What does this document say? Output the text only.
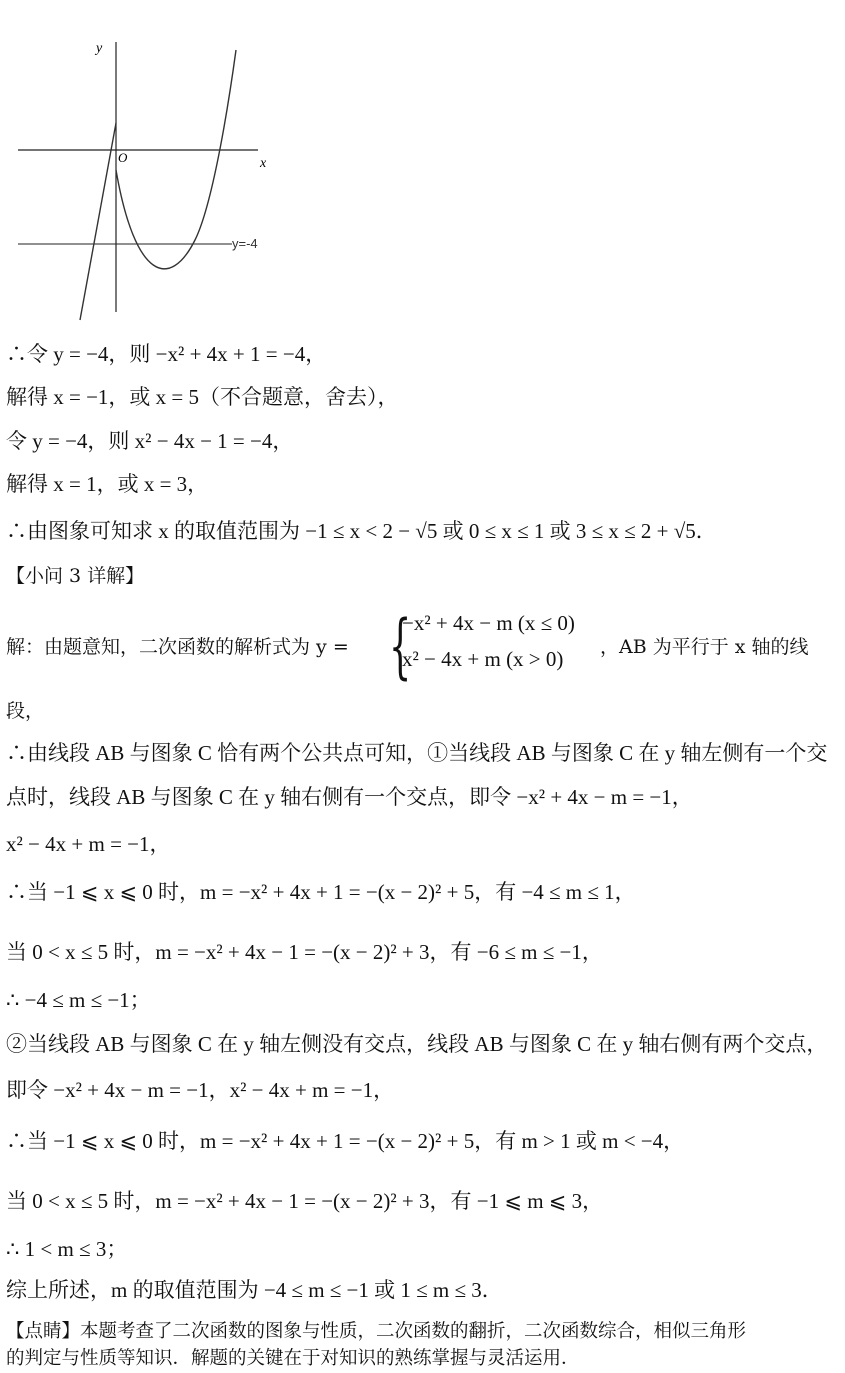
y
x
O
y=-4
∴令 y = −4，则 −x² + 4x + 1 = −4，
解得 x = −1，或 x = 5（不合题意，舍去），
令 y = −4，则 x² − 4x − 1 = −4，
解得 x = 1，或 x = 3，
∴由图象可知求 x 的取值范围为 −1 ≤ x < 2 − √5 或 0 ≤ x ≤ 1 或 3 ≤ x ≤ 2 + √5．
【小问 3 详解】
解：由题意知，二次函数的解析式为 y = {
−x² + 4x − m (x ≤ 0)
x² − 4x + m (x > 0) ，AB 为平行于 x 轴的线
段，
∴由线段 AB 与图象 C 恰有两个公共点可知，①当线段 AB 与图象 C 在 y 轴左侧有一个交
点时，线段 AB 与图象 C 在 y 轴右侧有一个交点，即令 −x² + 4x − m = −1，
x² − 4x + m = −1，
∴当 −1 ⩽ x ⩽ 0 时，m = −x² + 4x + 1 = −(x − 2)² + 5，有 −4 ≤ m ≤ 1，
当 0 < x ≤ 5 时，m = −x² + 4x − 1 = −(x − 2)² + 3，有 −6 ≤ m ≤ −1，
∴ −4 ≤ m ≤ −1；
②当线段 AB 与图象 C 在 y 轴左侧没有交点，线段 AB 与图象 C 在 y 轴右侧有两个交点，
即令 −x² + 4x − m = −1，x² − 4x + m = −1，
∴当 −1 ⩽ x ⩽ 0 时，m = −x² + 4x + 1 = −(x − 2)² + 5，有 m > 1 或 m < −4，
当 0 < x ≤ 5 时，m = −x² + 4x − 1 = −(x − 2)² + 3，有 −1 ⩽ m ⩽ 3，
∴ 1 < m ≤ 3；
综上所述，m 的取值范围为 −4 ≤ m ≤ −1 或 1 ≤ m ≤ 3．
【点睛】本题考查了二次函数的图象与性质，二次函数的翻折，二次函数综合，相似三角形
的判定与性质等知识．解题的关键在于对知识的熟练掌握与灵活运用．
